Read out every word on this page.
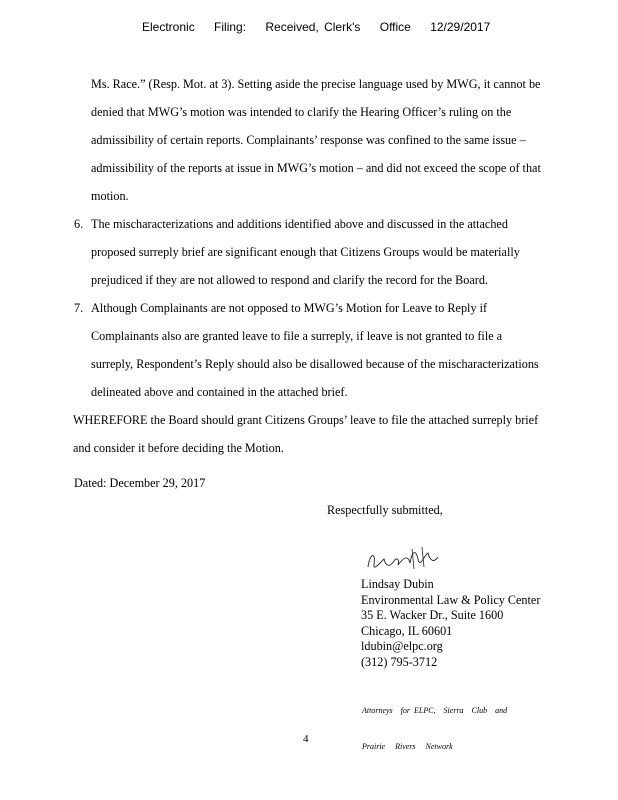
Electronic Filing: Received, Clerk's Office 12/29/2017
Ms. Race.” (Resp. Mot. at 3). Setting aside the precise language used by MWG, it cannot be
denied that MWG’s motion was intended to clarify the Hearing Officer’s ruling on the
admissibility of certain reports. Complainants’ response was confined to the same issue –
admissibility of the reports at issue in MWG’s motion – and did not exceed the scope of that
motion.
6. The mischaracterizations and additions identified above and discussed in the attached
proposed surreply brief are significant enough that Citizens Groups would be materially
prejudiced if they are not allowed to respond and clarify the record for the Board.
7. Although Complainants are not opposed to MWG’s Motion for Leave to Reply if
Complainants also are granted leave to file a surreply, if leave is not granted to file a
surreply, Respondent’s Reply should also be disallowed because of the mischaracterizations
delineated above and contained in the attached brief.
WHEREFORE the Board should grant Citizens Groups’ leave to file the attached surreply brief
and consider it before deciding the Motion.
Dated: December 29, 2017
Respectfully submitted,
Lindsay Dubin
Environmental Law & Policy Center
35 E. Wacker Dr., Suite 1600
Chicago, IL 60601
ldubin@elpc.org
(312) 795-3712

Attorneys    for  ELPC,    Sierra    Club    and

Prairie     Rivers     Network

4
